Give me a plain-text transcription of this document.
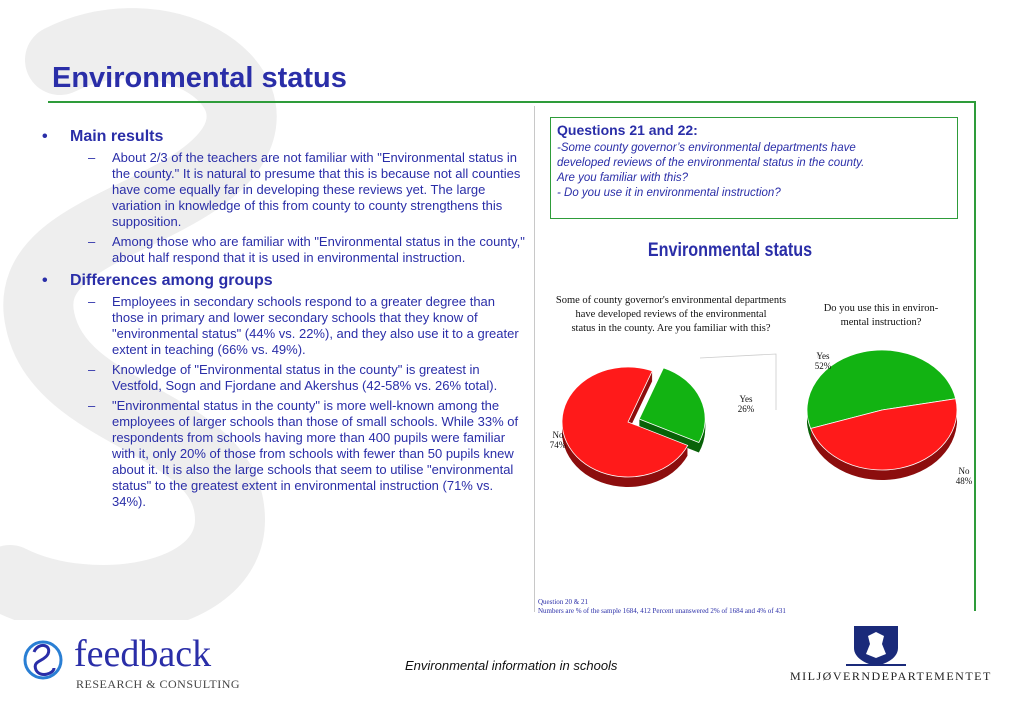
Environmental status
• Main results
– About 2/3 of the teachers are not familiar with "Environmental status in the county." It is natural to presume that this is because not all counties have come equally far in developing these reviews yet. The large variation in knowledge of this from county to county strengthens this supposition.
– Among those who are familiar with "Environmental status in the county," about half respond that it is used in environmental instruction.
• Differences among groups
– Employees in secondary schools respond to a greater degree than those in primary and lower secondary schools that they know of "environmental status" (44% vs. 22%), and they also use it to a greater extent in teaching (66% vs. 49%).
– Knowledge of "Environmental status in the county" is greatest in Vestfold, Sogn and Fjordane and Akershus (42-58% vs. 26% total).
– "Environmental status in the county" is more well-known among the employees of larger schools than those of small schools. While 33% of respondents from schools having more than 400 pupils were familiar with it, only 20% of those from schools with fewer than 50 pupils knew about it. It is also the large schools that seem to utilise "environmental status" to the greatest extent in environmental instruction (71% vs. 34%).
Questions 21 and 22:
-Some county governor’s environmental departments have
developed reviews of the environmental status in the county.
Are you familiar with this?
- Do you use it in environmental instruction?
Environmental status
Some of county governor's environmental departments
have developed reviews of the environmental
status in the county. Are you familiar with this?
Do you use this in environ-
mental instruction?
No
74%
Yes
26%
Yes
52%
No
48%
Question 20 & 21
Numbers are % of the sample 1684, 412 Percent unanswered 2% of 1684 and 4% of 431
feedback
RESEARCH & CONSULTING
Environmental information in schools
MILJØVERNDEPARTEMENTET
